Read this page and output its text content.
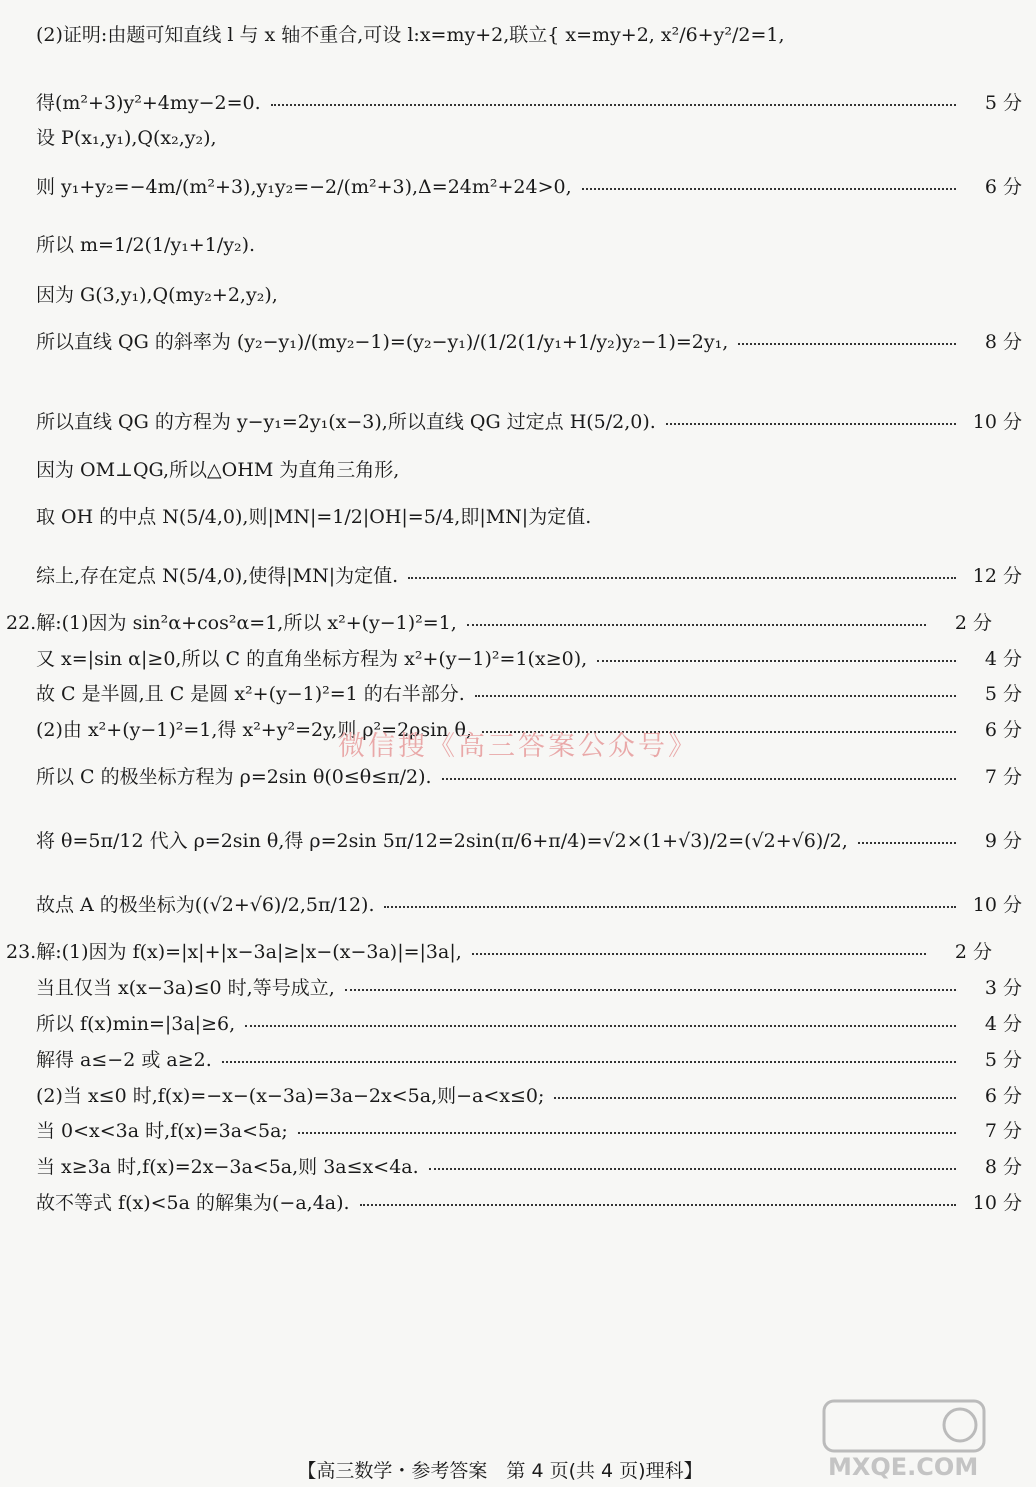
(2)证明:由题可知直线 l 与 x 轴不重合,可设 l:x=my+2,联立{ x=my+2, x²/6+y²/2=1,
得(m²+3)y²+4my−2=0.	5 分
设 P(x₁,y₁),Q(x₂,y₂),
则 y₁+y₂=−4m/(m²+3),y₁y₂=−2/(m²+3),Δ=24m²+24>0,	6 分
所以 m=1/2(1/y₁+1/y₂).
因为 G(3,y₁),Q(my₂+2,y₂),
所以直线 QG 的斜率为 (y₂−y₁)/(my₂−1)=(y₂−y₁)/(1/2(1/y₁+1/y₂)y₂−1)=2y₁,	8 分
所以直线 QG 的方程为 y−y₁=2y₁(x−3),所以直线 QG 过定点 H(5/2,0).	10 分
因为 OM⊥QG,所以△OHM 为直角三角形,
取 OH 的中点 N(5/4,0),则|MN|=1/2|OH|=5/4,即|MN|为定值.
综上,存在定点 N(5/4,0),使得|MN|为定值.	12 分
22.解:(1)因为 sin²α+cos²α=1,所以 x²+(y−1)²=1,	2 分
又 x=|sin α|≥0,所以 C 的直角坐标方程为 x²+(y−1)²=1(x≥0),	4 分
故 C 是半圆,且 C 是圆 x²+(y−1)²=1 的右半部分.	5 分
(2)由 x²+(y−1)²=1,得 x²+y²=2y,则 ρ²=2ρsin θ,	6 分
所以 C 的极坐标方程为 ρ=2sin θ(0≤θ≤π/2).	7 分
将 θ=5π/12 代入 ρ=2sin θ,得 ρ=2sin 5π/12=2sin(π/6+π/4)=√2×(1+√3)/2=(√2+√6)/2,	9 分
故点 A 的极坐标为((√2+√6)/2,5π/12).	10 分
23.解:(1)因为 f(x)=|x|+|x−3a|≥|x−(x−3a)|=|3a|,	2 分
当且仅当 x(x−3a)≤0 时,等号成立,	3 分
所以 f(x)min=|3a|≥6,	4 分
解得 a≤−2 或 a≥2.	5 分
(2)当 x≤0 时,f(x)=−x−(x−3a)=3a−2x<5a,则−a<x≤0;	6 分
当 0<x<3a 时,f(x)=3a<5a;	7 分
当 x≥3a 时,f(x)=2x−3a<5a,则 3a≤x<4a.	8 分
故不等式 f(x)<5a 的解集为(−a,4a).	10 分
微信搜《高三答案公众号》
MXQE.COM
【高三数学・参考答案　第 4 页(共 4 页)理科】
